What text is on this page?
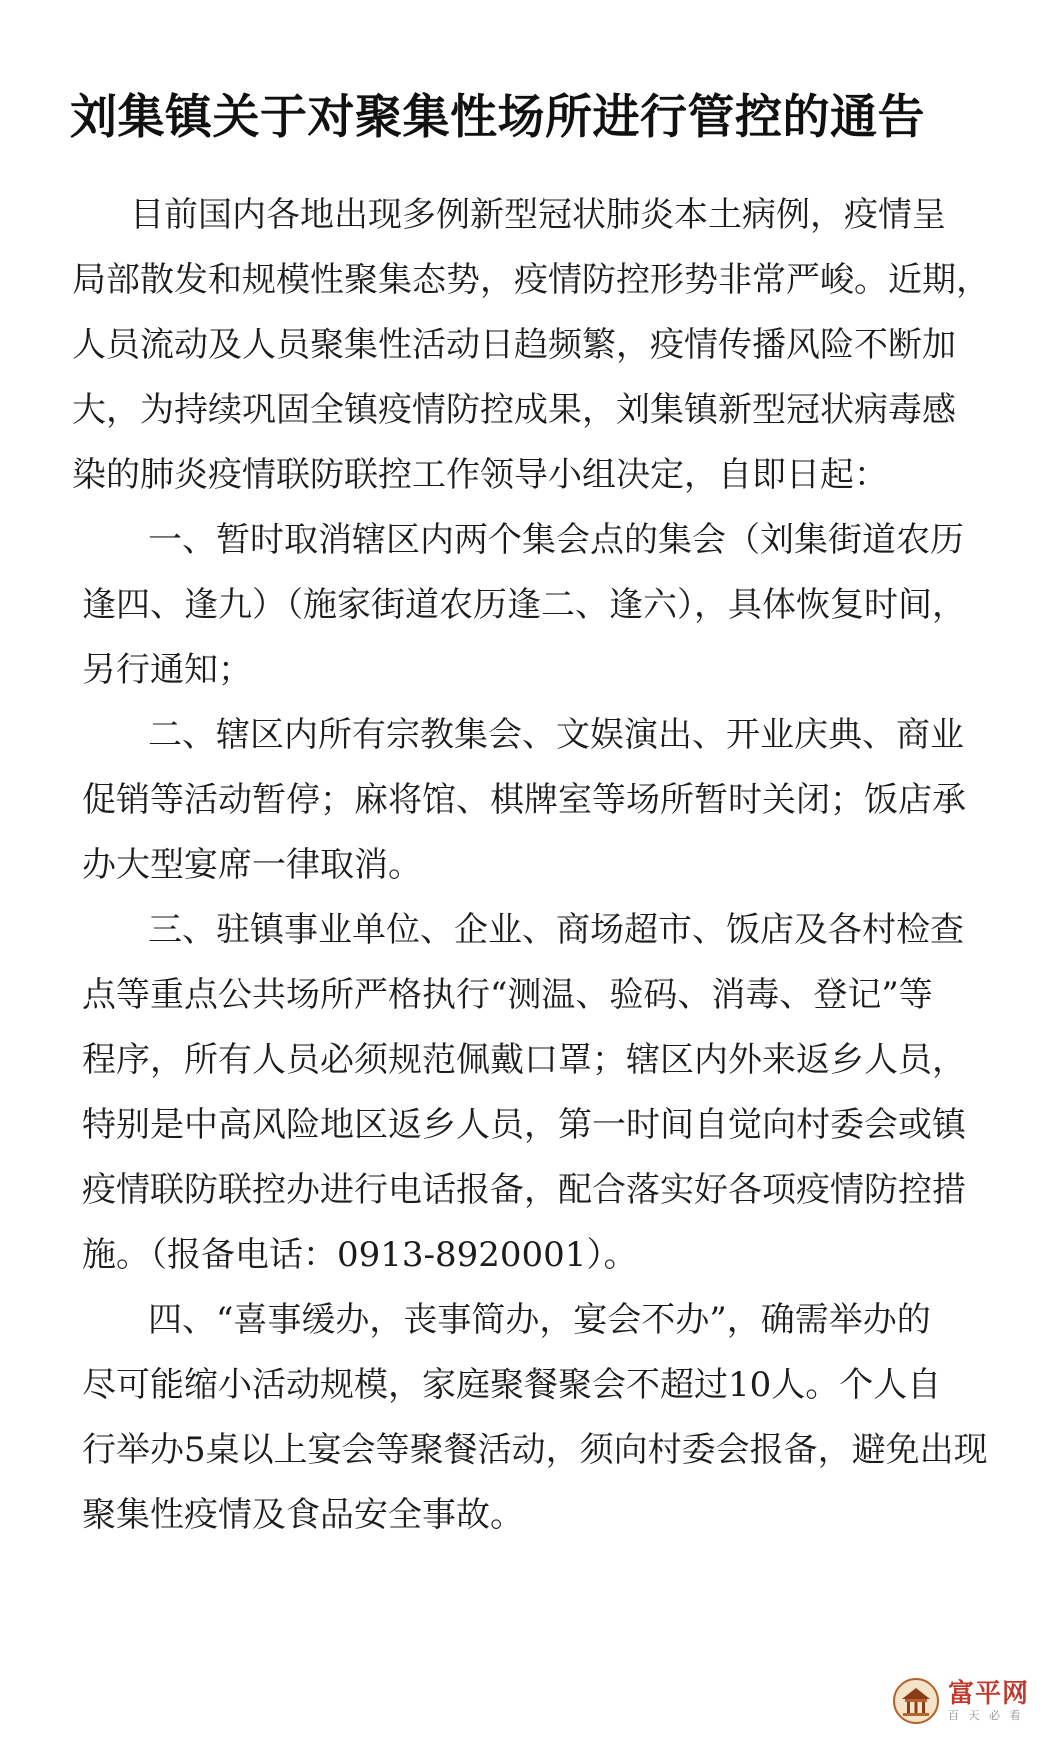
刘集镇关于对聚集性场所进行管控的通告

目前国内各地出现多例新型冠状肺炎本土病例，疫情呈

局部散发和规模性聚集态势，疫情防控形势非常严峻。近期，

人员流动及人员聚集性活动日趋频繁，疫情传播风险不断加

大，为持续巩固全镇疫情防控成果，刘集镇新型冠状病毒感

染的肺炎疫情联防联控工作领导小组决定，自即日起：

一、暂时取消辖区内两个集会点的集会（刘集街道农历

逢四、逢九）（施家街道农历逢二、逢六），具体恢复时间，

另行通知；

二、辖区内所有宗教集会、文娱演出、开业庆典、商业

促销等活动暂停；麻将馆、棋牌室等场所暂时关闭；饭店承

办大型宴席一律取消。

三、驻镇事业单位、企业、商场超市、饭店及各村检查

点等重点公共场所严格执行“测温、验码、消毒、登记”等

程序，所有人员必须规范佩戴口罩；辖区内外来返乡人员，

特别是中高风险地区返乡人员，第一时间自觉向村委会或镇

疫情联防联控办进行电话报备，配合落实好各项疫情防控措

施。（报备电话：0913-8920001）。

四、“喜事缓办，丧事简办，宴会不办”，确需举办的

尽可能缩小活动规模，家庭聚餐聚会不超过10人。个人自

行举办5桌以上宴会等聚餐活动，须向村委会报备，避免出现

聚集性疫情及食品安全事故。

富平网
百 天 必 看
